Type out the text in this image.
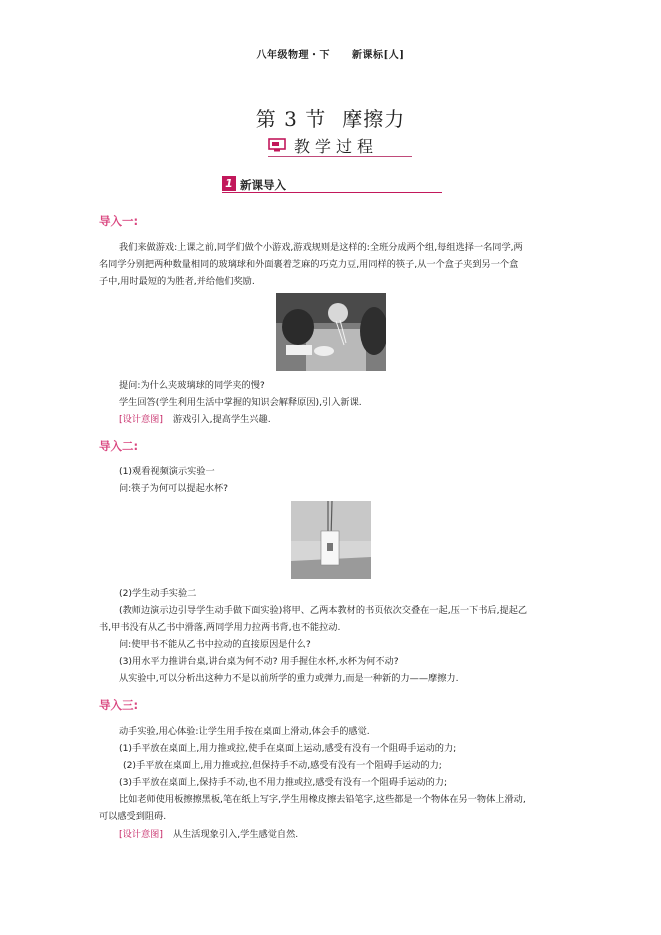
八年级物理・下 新课标[人]
第 3 节 摩擦力
教学过程
1 新课导入
导入一:
我们来做游戏:上课之前,同学们做个小游戏,游戏规则是这样的:全班分成两个组,每组选择一名同学,两
名同学分别把两种数量相同的玻璃球和外面裹着芝麻的巧克力豆,用同样的筷子,从一个盒子夹到另一个盒
子中,用时最短的为胜者,并给他们奖励.
提问:为什么夹玻璃球的同学夹的慢?
学生回答(学生利用生活中掌握的知识会解释原因),引入新课.
[设计意图] 游戏引入,提高学生兴趣.
导入二:
(1)观看视频演示实验一
问:筷子为何可以提起水杯?
(2)学生动手实验二
(教师边演示边引导学生动手做下面实验)将甲、乙两本教材的书页依次交叠在一起,压一下书后,提起乙
书,甲书没有从乙书中滑落,两同学用力拉两书背,也不能拉动.
问:使甲书不能从乙书中拉动的直接原因是什么?
(3)用水平力推讲台桌,讲台桌为何不动? 用手握住水杯,水杯为何不动?
从实验中,可以分析出这种力不是以前所学的重力或弹力,而是一种新的力——摩擦力.
导入三:
动手实验,用心体验:让学生用手按在桌面上滑动,体会手的感觉.
(1)手平放在桌面上,用力推或拉,使手在桌面上运动,感受有没有一个阻碍手运动的力;
(2)手平放在桌面上,用力推或拉,但保持手不动,感受有没有一个阻碍手运动的力;
(3)手平放在桌面上,保持手不动,也不用力推或拉,感受有没有一个阻碍手运动的力;
比如老师使用板擦擦黑板,笔在纸上写字,学生用橡皮擦去铅笔字,这些都是一个物体在另一物体上滑动,
可以感受到阻碍.
[设计意图] 从生活现象引入,学生感觉自然.
